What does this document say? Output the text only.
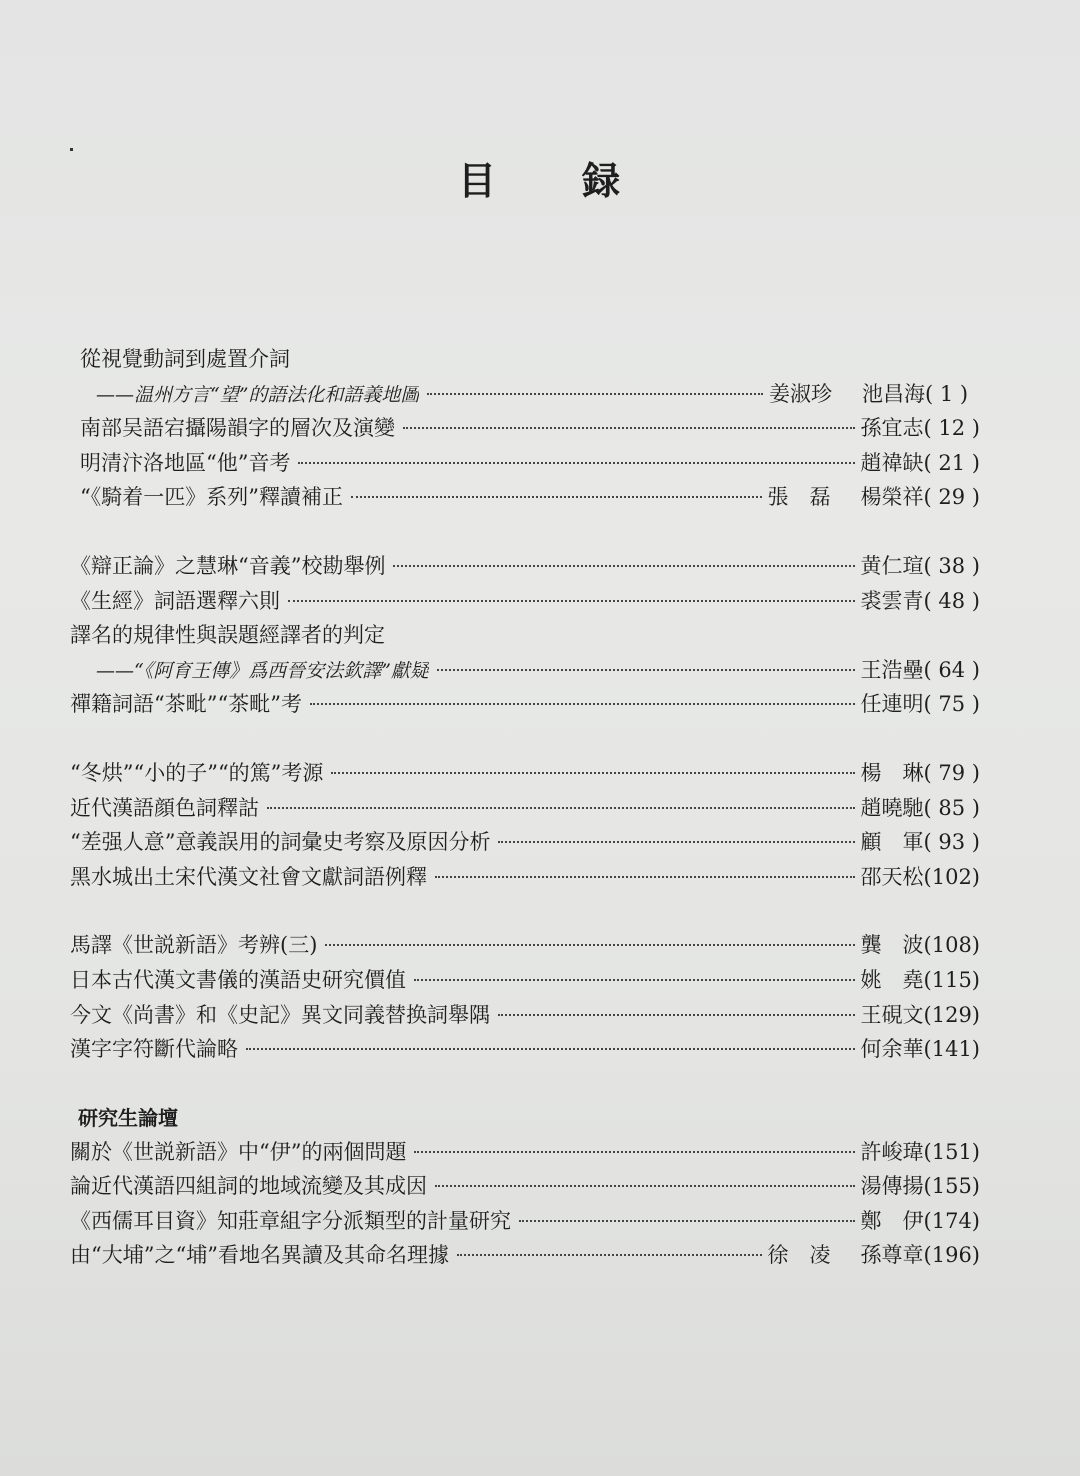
目 録
從視覺動詞到處置介詞
——温州方言“望”的語法化和語義地圖	姜淑珍 池昌海 ( 1 )
南部吴語宕攝陽韻字的層次及演變	孫宜志 ( 12 )
明清汴洛地區“他”音考	趙禕缺 ( 21 )
“《騎着一匹》系列”釋讀補正	張　磊 楊榮祥 ( 29 )
《辯正論》之慧琳“音義”校勘舉例	黄仁瑄 ( 38 )
《生經》詞語選釋六則	裘雲青 ( 48 )
譯名的規律性與誤題經譯者的判定
——“《阿育王傳》爲西晉安法欽譯”獻疑	王浩壘 ( 64 )
禪籍詞語“茶毗”“茶毗”考	任連明 ( 75 )
“冬烘”“小的子”“的篤”考源	楊　琳 ( 79 )
近代漢語顔色詞釋詁	趙曉馳 ( 85 )
“差强人意”意義誤用的詞彙史考察及原因分析	顧　軍 ( 93 )
黑水城出土宋代漢文社會文獻詞語例釋	邵天松 (102)
馬譯《世説新語》考辨(三)	龔　波 (108)
日本古代漢文書儀的漢語史研究價值	姚　堯 (115)
今文《尚書》和《史記》異文同義替换詞舉隅	王硯文 (129)
漢字字符斷代論略	何余華 (141)
研究生論壇
關於《世説新語》中“伊”的兩個問題	許峻瑋 (151)
論近代漢語四組詞的地域流變及其成因	湯傳揚 (155)
《西儒耳目資》知莊章組字分派類型的計量研究	鄭　伊 (174)
由“大埔”之“埔”看地名異讀及其命名理據	徐　凌 孫尊章 (196)
